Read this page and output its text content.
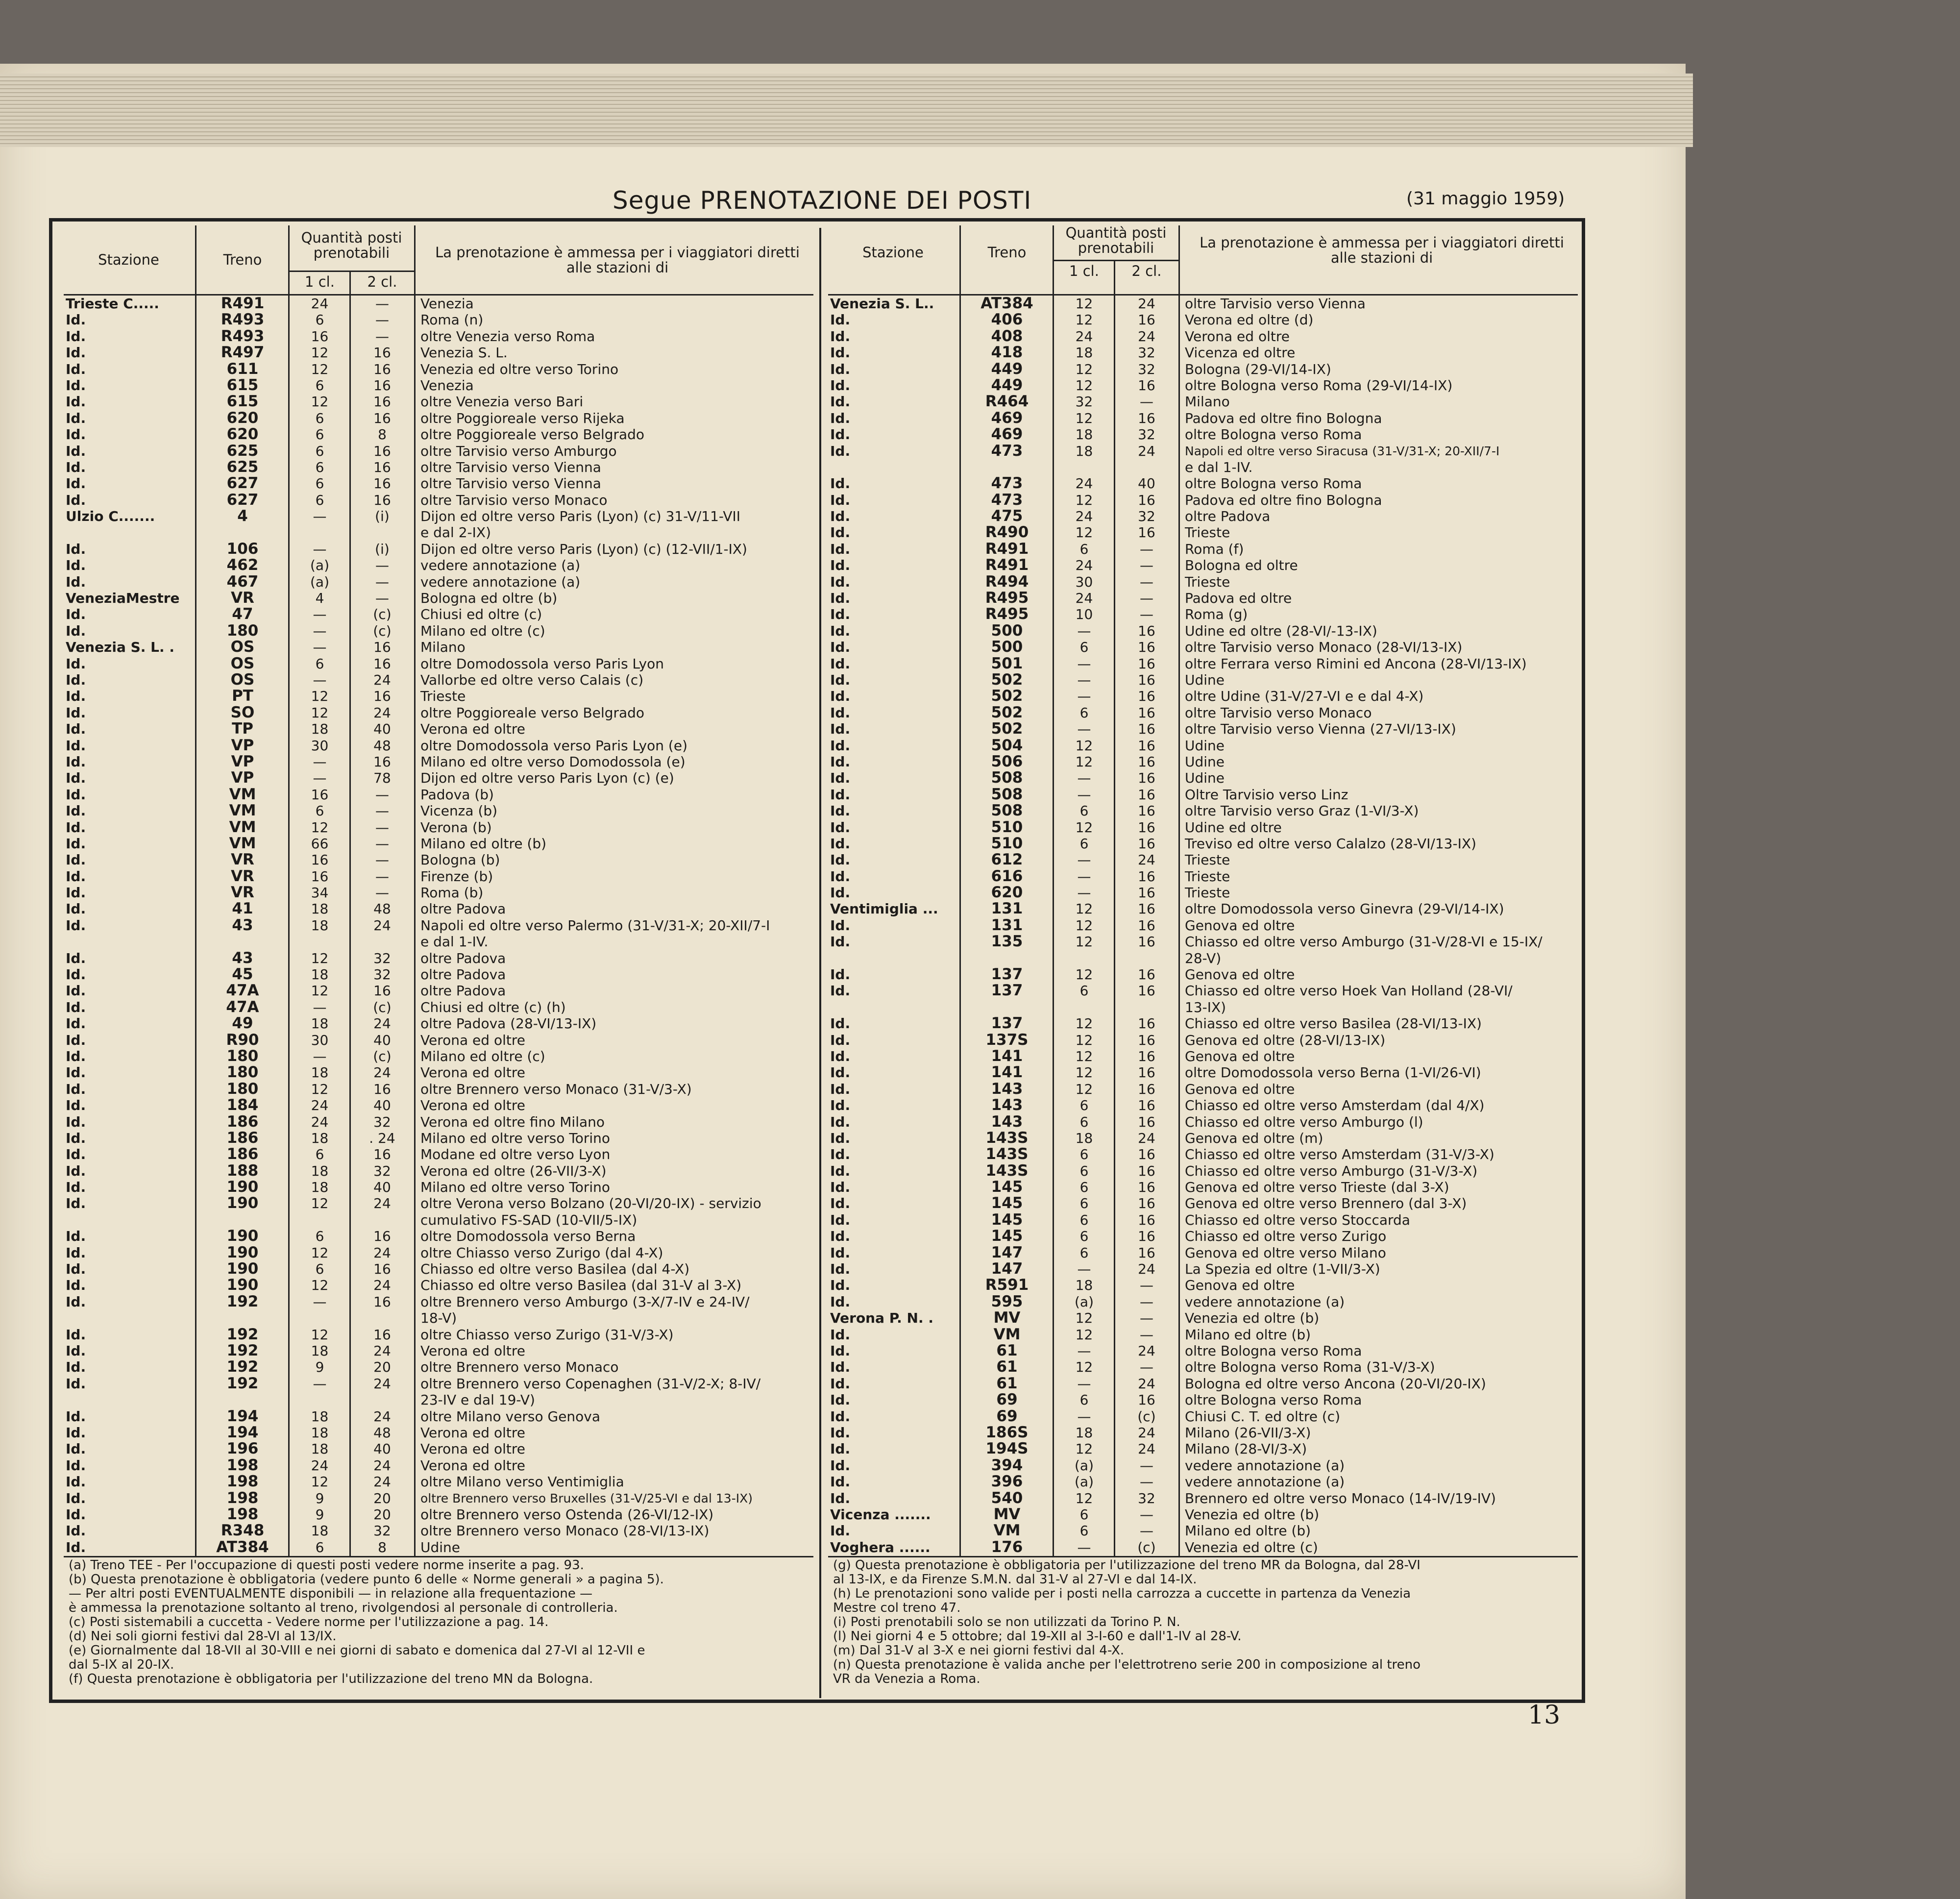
Segue PRENOTAZIONE DEI POSTI	(31 maggio 1959)
Stazione	Treno
Quantità posti prenotabili
1 cl.	2 cl.
La prenotazione è ammessa per i viaggiatori diretti alle stazioni di
Trieste C.....	R491	24	—	Venezia
Id.	R493	6	—	Roma (n)
Id.	R493	16	—	oltre Venezia verso Roma
Id.	R497	12	16	Venezia S. L.
Id.	611	12	16	Venezia ed oltre verso Torino
Id.	615	6	16	Venezia
Id.	615	12	16	oltre Venezia verso Bari
Id.	620	6	16	oltre Poggioreale verso Rijeka
Id.	620	6	8	oltre Poggioreale verso Belgrado
Id.	625	6	16	oltre Tarvisio verso Amburgo
Id.	625	6	16	oltre Tarvisio verso Vienna
Id.	627	6	16	oltre Tarvisio verso Vienna
Id.	627	6	16	oltre Tarvisio verso Monaco
Ulzio C.......	4	—	(i)	Dijon ed oltre verso Paris (Lyon) (c) 31-V/11-VII
e dal 2-IX)
Id.	106	—	(i)	Dijon ed oltre verso Paris (Lyon) (c) (12-VII/1-IX)
Id.	462	(a)	—	vedere annotazione (a)
Id.	467	(a)	—	vedere annotazione (a)
VeneziaMestre	VR	4	—	Bologna ed oltre (b)
Id.	47	—	(c)	Chiusi ed oltre (c)
Id.	180	—	(c)	Milano ed oltre (c)
Venezia S. L. .	OS	—	16	Milano
Id.	OS	6	16	oltre Domodossola verso Paris Lyon
Id.	OS	—	24	Vallorbe ed oltre verso Calais (c)
Id.	PT	12	16	Trieste
Id.	SO	12	24	oltre Poggioreale verso Belgrado
Id.	TP	18	40	Verona ed oltre
Id.	VP	30	48	oltre Domodossola verso Paris Lyon (e)
Id.	VP	—	16	Milano ed oltre verso Domodossola (e)
Id.	VP	—	78	Dijon ed oltre verso Paris Lyon (c) (e)
Id.	VM	16	—	Padova (b)
Id.	VM	6	—	Vicenza (b)
Id.	VM	12	—	Verona (b)
Id.	VM	66	—	Milano ed oltre (b)
Id.	VR	16	—	Bologna (b)
Id.	VR	16	—	Firenze (b)
Id.	VR	34	—	Roma (b)
Id.	41	18	48	oltre Padova
Id.	43	18	24	Napoli ed oltre verso Palermo (31-V/31-X; 20-XII/7-I
e dal 1-IV.
Id.	43	12	32	oltre Padova
Id.	45	18	32	oltre Padova
Id.	47A	12	16	oltre Padova
Id.	47A	—	(c)	Chiusi ed oltre (c) (h)
Id.	49	18	24	oltre Padova (28-VI/13-IX)
Id.	R90	30	40	Verona ed oltre
Id.	180	—	(c)	Milano ed oltre (c)
Id.	180	18	24	Verona ed oltre
Id.	180	12	16	oltre Brennero verso Monaco (31-V/3-X)
Id.	184	24	40	Verona ed oltre
Id.	186	24	32	Verona ed oltre fino Milano
Id.	186	18	. 24	Milano ed oltre verso Torino
Id.	186	6	16	Modane ed oltre verso Lyon
Id.	188	18	32	Verona ed oltre (26-VII/3-X)
Id.	190	18	40	Milano ed oltre verso Torino
Id.	190	12	24	oltre Verona verso Bolzano (20-VI/20-IX) - servizio
cumulativo FS-SAD (10-VII/5-IX)
Id.	190	6	16	oltre Domodossola verso Berna
Id.	190	12	24	oltre Chiasso verso Zurigo (dal 4-X)
Id.	190	6	16	Chiasso ed oltre verso Basilea (dal 4-X)
Id.	190	12	24	Chiasso ed oltre verso Basilea (dal 31-V al 3-X)
Id.	192	—	16	oltre Brennero verso Amburgo (3-X/7-IV e 24-IV/
18-V)
Id.	192	12	16	oltre Chiasso verso Zurigo (31-V/3-X)
Id.	192	18	24	Verona ed oltre
Id.	192	9	20	oltre Brennero verso Monaco
Id.	192	—	24	oltre Brennero verso Copenaghen (31-V/2-X; 8-IV/
23-IV e dal 19-V)
Id.	194	18	24	oltre Milano verso Genova
Id.	194	18	48	Verona ed oltre
Id.	196	18	40	Verona ed oltre
Id.	198	24	24	Verona ed oltre
Id.	198	12	24	oltre Milano verso Ventimiglia
Id.	198	9	20	oltre Brennero verso Bruxelles (31-V/25-VI e dal 13-IX)
Id.	198	9	20	oltre Brennero verso Ostenda (26-VI/12-IX)
Id.	R348	18	32	oltre Brennero verso Monaco (28-VI/13-IX)
Id.	AT384	6	8	Udine

(a) Treno TEE - Per l'occupazione di questi posti vedere norme inserite a pag. 93.

(b) Questa prenotazione è obbligatoria (vedere punto 6 delle « Norme generali » a pagina 5).

— Per altri posti EVENTUALMENTE disponibili — in relazione alla frequentazione —

è ammessa la prenotazione soltanto al treno, rivolgendosi al personale di controlleria.

(c) Posti sistemabili a cuccetta - Vedere norme per l'utilizzazione a pag. 14.

(d) Nei soli giorni festivi dal 28-VI al 13/IX.

(e) Giornalmente dal 18-VII al 30-VIII e nei giorni di sabato e domenica dal 27-VI al 12-VII e

dal 5-IX al 20-IX.

(f) Questa prenotazione è obbligatoria per l'utilizzazione del treno MN da Bologna.

Stazione	Treno
Quantità posti prenotabili
1 cl.	2 cl.
La prenotazione è ammessa per i viaggiatori diretti alle stazioni di
Venezia S. L..	AT384	12	24	oltre Tarvisio verso Vienna
Id.	406	12	16	Verona ed oltre (d)
Id.	408	24	24	Verona ed oltre
Id.	418	18	32	Vicenza ed oltre
Id.	449	12	32	Bologna (29-VI/14-IX)
Id.	449	12	16	oltre Bologna verso Roma (29-VI/14-IX)
Id.	R464	32	—	Milano
Id.	469	12	16	Padova ed oltre fino Bologna
Id.	469	18	32	oltre Bologna verso Roma
Id.	473	18	24	Napoli ed oltre verso Siracusa (31-V/31-X; 20-XII/7-I
e dal 1-IV.
Id.	473	24	40	oltre Bologna verso Roma
Id.	473	12	16	Padova ed oltre fino Bologna
Id.	475	24	32	oltre Padova
Id.	R490	12	16	Trieste
Id.	R491	6	—	Roma (f)
Id.	R491	24	—	Bologna ed oltre
Id.	R494	30	—	Trieste
Id.	R495	24	—	Padova ed oltre
Id.	R495	10	—	Roma (g)
Id.	500	—	16	Udine ed oltre (28-VI/-13-IX)
Id.	500	6	16	oltre Tarvisio verso Monaco (28-VI/13-IX)
Id.	501	—	16	oltre Ferrara verso Rimini ed Ancona (28-VI/13-IX)
Id.	502	—	16	Udine
Id.	502	—	16	oltre Udine (31-V/27-VI e e dal 4-X)
Id.	502	6	16	oltre Tarvisio verso Monaco
Id.	502	—	16	oltre Tarvisio verso Vienna (27-VI/13-IX)
Id.	504	12	16	Udine
Id.	506	12	16	Udine
Id.	508	—	16	Udine
Id.	508	—	16	Oltre Tarvisio verso Linz
Id.	508	6	16	oltre Tarvisio verso Graz (1-VI/3-X)
Id.	510	12	16	Udine ed oltre
Id.	510	6	16	Treviso ed oltre verso Calalzo (28-VI/13-IX)
Id.	612	—	24	Trieste
Id.	616	—	16	Trieste
Id.	620	—	16	Trieste
Ventimiglia ...	131	12	16	oltre Domodossola verso Ginevra (29-VI/14-IX)
Id.	131	12	16	Genova ed oltre
Id.	135	12	16	Chiasso ed oltre verso Amburgo (31-V/28-VI e 15-IX/
28-V)
Id.	137	12	16	Genova ed oltre
Id.	137	6	16	Chiasso ed oltre verso Hoek Van Holland (28-VI/
13-IX)
Id.	137	12	16	Chiasso ed oltre verso Basilea (28-VI/13-IX)
Id.	137S	12	16	Genova ed oltre (28-VI/13-IX)
Id.	141	12	16	Genova ed oltre
Id.	141	12	16	oltre Domodossola verso Berna (1-VI/26-VI)
Id.	143	12	16	Genova ed oltre
Id.	143	6	16	Chiasso ed oltre verso Amsterdam (dal 4/X)
Id.	143	6	16	Chiasso ed oltre verso Amburgo (l)
Id.	143S	18	24	Genova ed oltre (m)
Id.	143S	6	16	Chiasso ed oltre verso Amsterdam (31-V/3-X)
Id.	143S	6	16	Chiasso ed oltre verso Amburgo (31-V/3-X)
Id.	145	6	16	Genova ed oltre verso Trieste (dal 3-X)
Id.	145	6	16	Genova ed oltre verso Brennero (dal 3-X)
Id.	145	6	16	Chiasso ed oltre verso Stoccarda
Id.	145	6	16	Chiasso ed oltre verso Zurigo
Id.	147	6	16	Genova ed oltre verso Milano
Id.	147	—	24	La Spezia ed oltre (1-VII/3-X)
Id.	R591	18	—	Genova ed oltre
Id.	595	(a)	—	vedere annotazione (a)
Verona P. N. .	MV	12	—	Venezia ed oltre (b)
Id.	VM	12	—	Milano ed oltre (b)
Id.	61	—	24	oltre Bologna verso Roma
Id.	61	12	—	oltre Bologna verso Roma (31-V/3-X)
Id.	61	—	24	Bologna ed oltre verso Ancona (20-VI/20-IX)
Id.	69	6	16	oltre Bologna verso Roma
Id.	69	—	(c)	Chiusi C. T. ed oltre (c)
Id.	186S	18	24	Milano (26-VII/3-X)
Id.	194S	12	24	Milano (28-VI/3-X)
Id.	394	(a)	—	vedere annotazione (a)
Id.	396	(a)	—	vedere annotazione (a)
Id.	540	12	32	Brennero ed oltre verso Monaco (14-IV/19-IV)
Vicenza .......	MV	6	—	Venezia ed oltre (b)
Id.	VM	6	—	Milano ed oltre (b)
Voghera ......	176	—	(c)	Venezia ed oltre (c)

(g) Questa prenotazione è obbligatoria per l'utilizzazione del treno MR da Bologna, dal 28-VI

al 13-IX, e da Firenze S.M.N. dal 31-V al 27-VI e dal 14-IX.

(h) Le prenotazioni sono valide per i posti nella carrozza a cuccette in partenza da Venezia

Mestre col treno 47.

(i) Posti prenotabili solo se non utilizzati da Torino P. N.

(l) Nei giorni 4 e 5 ottobre; dal 19-XII al 3-I-60 e dall'1-IV al 28-V.

(m) Dal 31-V al 3-X e nei giorni festivi dal 4-X.

(n) Questa prenotazione è valida anche per l'elettrotreno serie 200 in composizione al treno

VR da Venezia a Roma.

13
